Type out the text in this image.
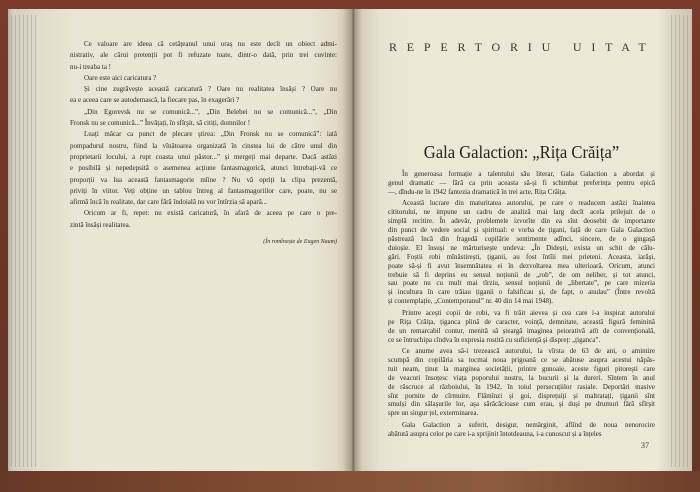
Ce valoare are ideea că cetățeanul unui oraș nu este decît un obiect admi-
nistrativ, ale cărui pretenții pot fi refuzate toate, dintr-o dată, prin trei cuvinte:
nu-i treaba ta !
Oare este aici caricatura ?
Și cine zugrăvește această caricatură ? Oare nu realitatea însăși ? Oare nu
ea e aceea care se autodemască, la fiecare pas, în exagerări ?
„Din Egorevsk nu se comunică...”, „Din Belebei nu se comunică...”, „Din
Fronsk nu se comunică...” Învățați, în sfîrșit, să citiți, domnilor !
Luați măcar ca punct de plecare știrea: „Din Fronsk nu se comunică”: iată
pompadurul nostru, fiind la vînătoarea organizată în cinstea lui de către unul din
proprietarii locului, a rupt coasta unui păstor...” și mergeți mai departe. Dacă astăzi
e posibilă și nepedepsită o asemenea acțiune fantasmagorică, atunci întrebați-vă ce
proporții va lua această fantasmagorie mîine ? Nu vă opriți la clipa prezentă,
priviți în viitor. Veți obține un tablou întreg al fantasmagoriilor care, poate, nu se
afirmă încă în realitate, dar care fără îndoială nu vor întîrzia să apară...
Oricum ar fi, repet: nu există caricatură, în afară de aceea pe care o pre-
zintă însăși realitatea.
(În romînește de Eugen Naum)
REPERTORIU UITAT
Gala Galaction: „Rița Crăița”
În generoasa formație a talentului său literar, Gala Galaction a abordat și
genul dramatic — fără ca prin aceasta să-și fi schimbat preferința pentru epică
—, dîndu-ne în 1942 fantezia dramatică în trei acte, Rița Crăița.
Această lucrare din maturitatea autorului, pe care o readucem astăzi înaintea
cititorului, ne impune un cadru de analiză mai larg decît acela prilejuit de o
simplă recitire. În adevăr, problemele izvorîte din ea sînt deosebit de importante
din punct de vedere social și spiritual: e vorba de țigani, față de care Gala Galaction
păstrează încă din fragedă copilărie sentimente adînci, sincere, de o gingașă
duioșie. El însuși ne mărturisește undeva: „În Didești, exista un schit de călu-
gări. Foștii robi mînăstirești, țiganii, au fost întîii mei prieteni. Aceasta, iarăși,
poate să-și fi avut însemnătatea ei în dezvoltarea mea ulterioară. Oricum, atunci
trebuie să fi deprins eu sensul noțiunii de „rob”, de om neliber, și tot atunci,
sau poate nu cu mult mai tîrziu, sensul noțiunii de „libertate”, pe care mizeria
și incultura în care trăiau țiganii o falsificau și, de fapt, o anulau” (Între revoltă
și contemplație, „Contemporanul” nr. 40 din 14 mai 1948).
Printre acești copii de robi, va fi trăit aievea și cea care i-a inspirat autorului
pe Rița Crăița, țiganca plină de caracter, voință, demnitate, această figură feminină
de un remarcabil contur, menită să șteargă imaginea peiorativă atît de convențională,
ce se întruchipa cîndva în expresia rostită cu suficiență și dispreț: „țiganca”.
Ce anume avea să-i trezească autorului, la vîrsta de 63 de ani, o amintire
scumpă din copilăria sa tocmai noua prigoană ce se abătuse asupra acestui năpăs-
tuit neam, ținut la marginea societății, printre gunoaie, aceste figuri pitorești care
de veacuri însoțesc viața poporului nostru, la bucurii și la dureri. Sîntem în anul
de răscruce al războiului, în 1942, în toiul persecuțiilor rasiale. Deportări masive
sînt pornite de cîrmuire. Flămînzi și goi, disprețuiți și maltratați, țiganii sînt
smulși din sălașurile lor, așa sărăcăcioase cum erau, și duși pe drumuri fără sfîrșit
spre un singur țel, exterminarea.
Gala Galaction a suferit, desigur, nemărginit, aflînd de noua nenorocire
abătută asupra celor pe care i-a sprijinit întotdeauna, i-a cunoscut și a înțeles
37
